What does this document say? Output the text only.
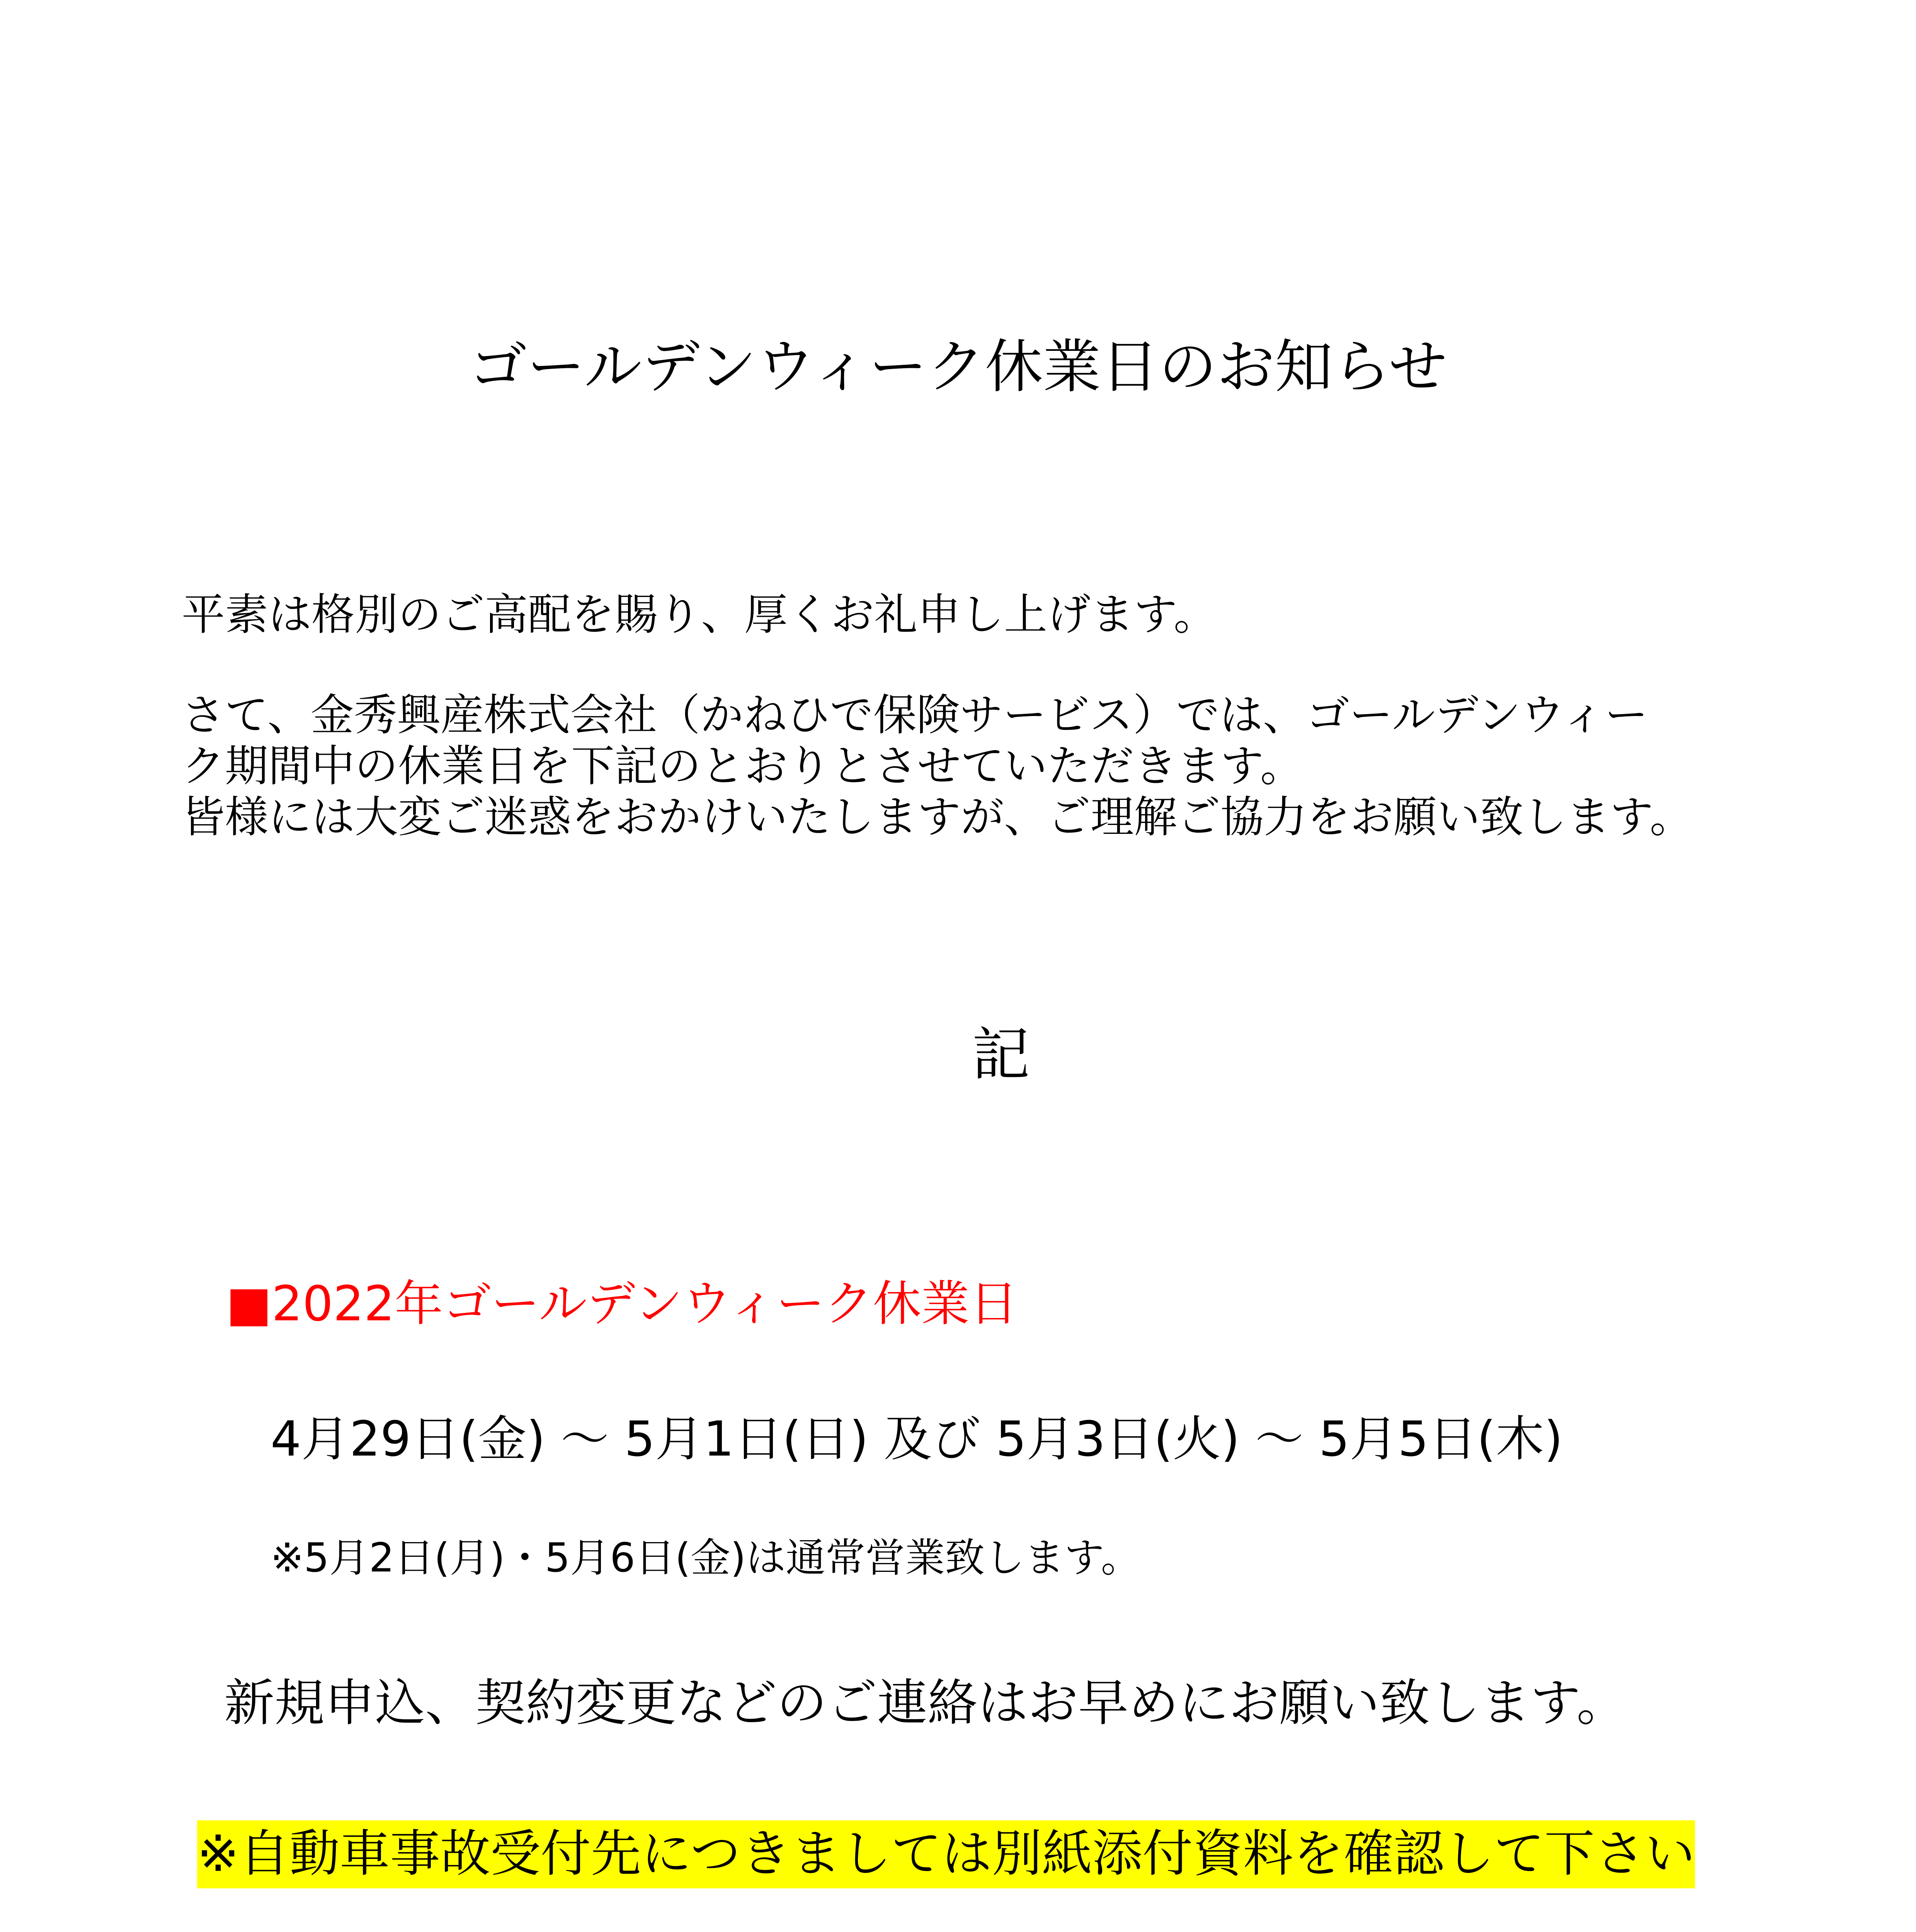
ゴールデンウィーク休業日のお知らせ
平素は格別のご高配を賜り、厚くお礼申し上げます。
さて、金秀興産株式会社（かねひで保険サービス）では、ゴールデンウィー
ク期間中の休業日を下記のとおりとさせていただきます。
皆様には大変ご迷惑をおかけいたしますが、ご理解ご協力をお願い致します。
記
■2022年ゴールデンウィーク休業日
4月29日(金) ～ 5月1日(日) 及び 5月3日(火) ～ 5月5日(木)
※5月2日(月)・5月6日(金)は通常営業致します。
新規申込、契約変更などのご連絡はお早めにお願い致します。
※自動車事故受付先につきましては別紙添付資料を確認して下さい
